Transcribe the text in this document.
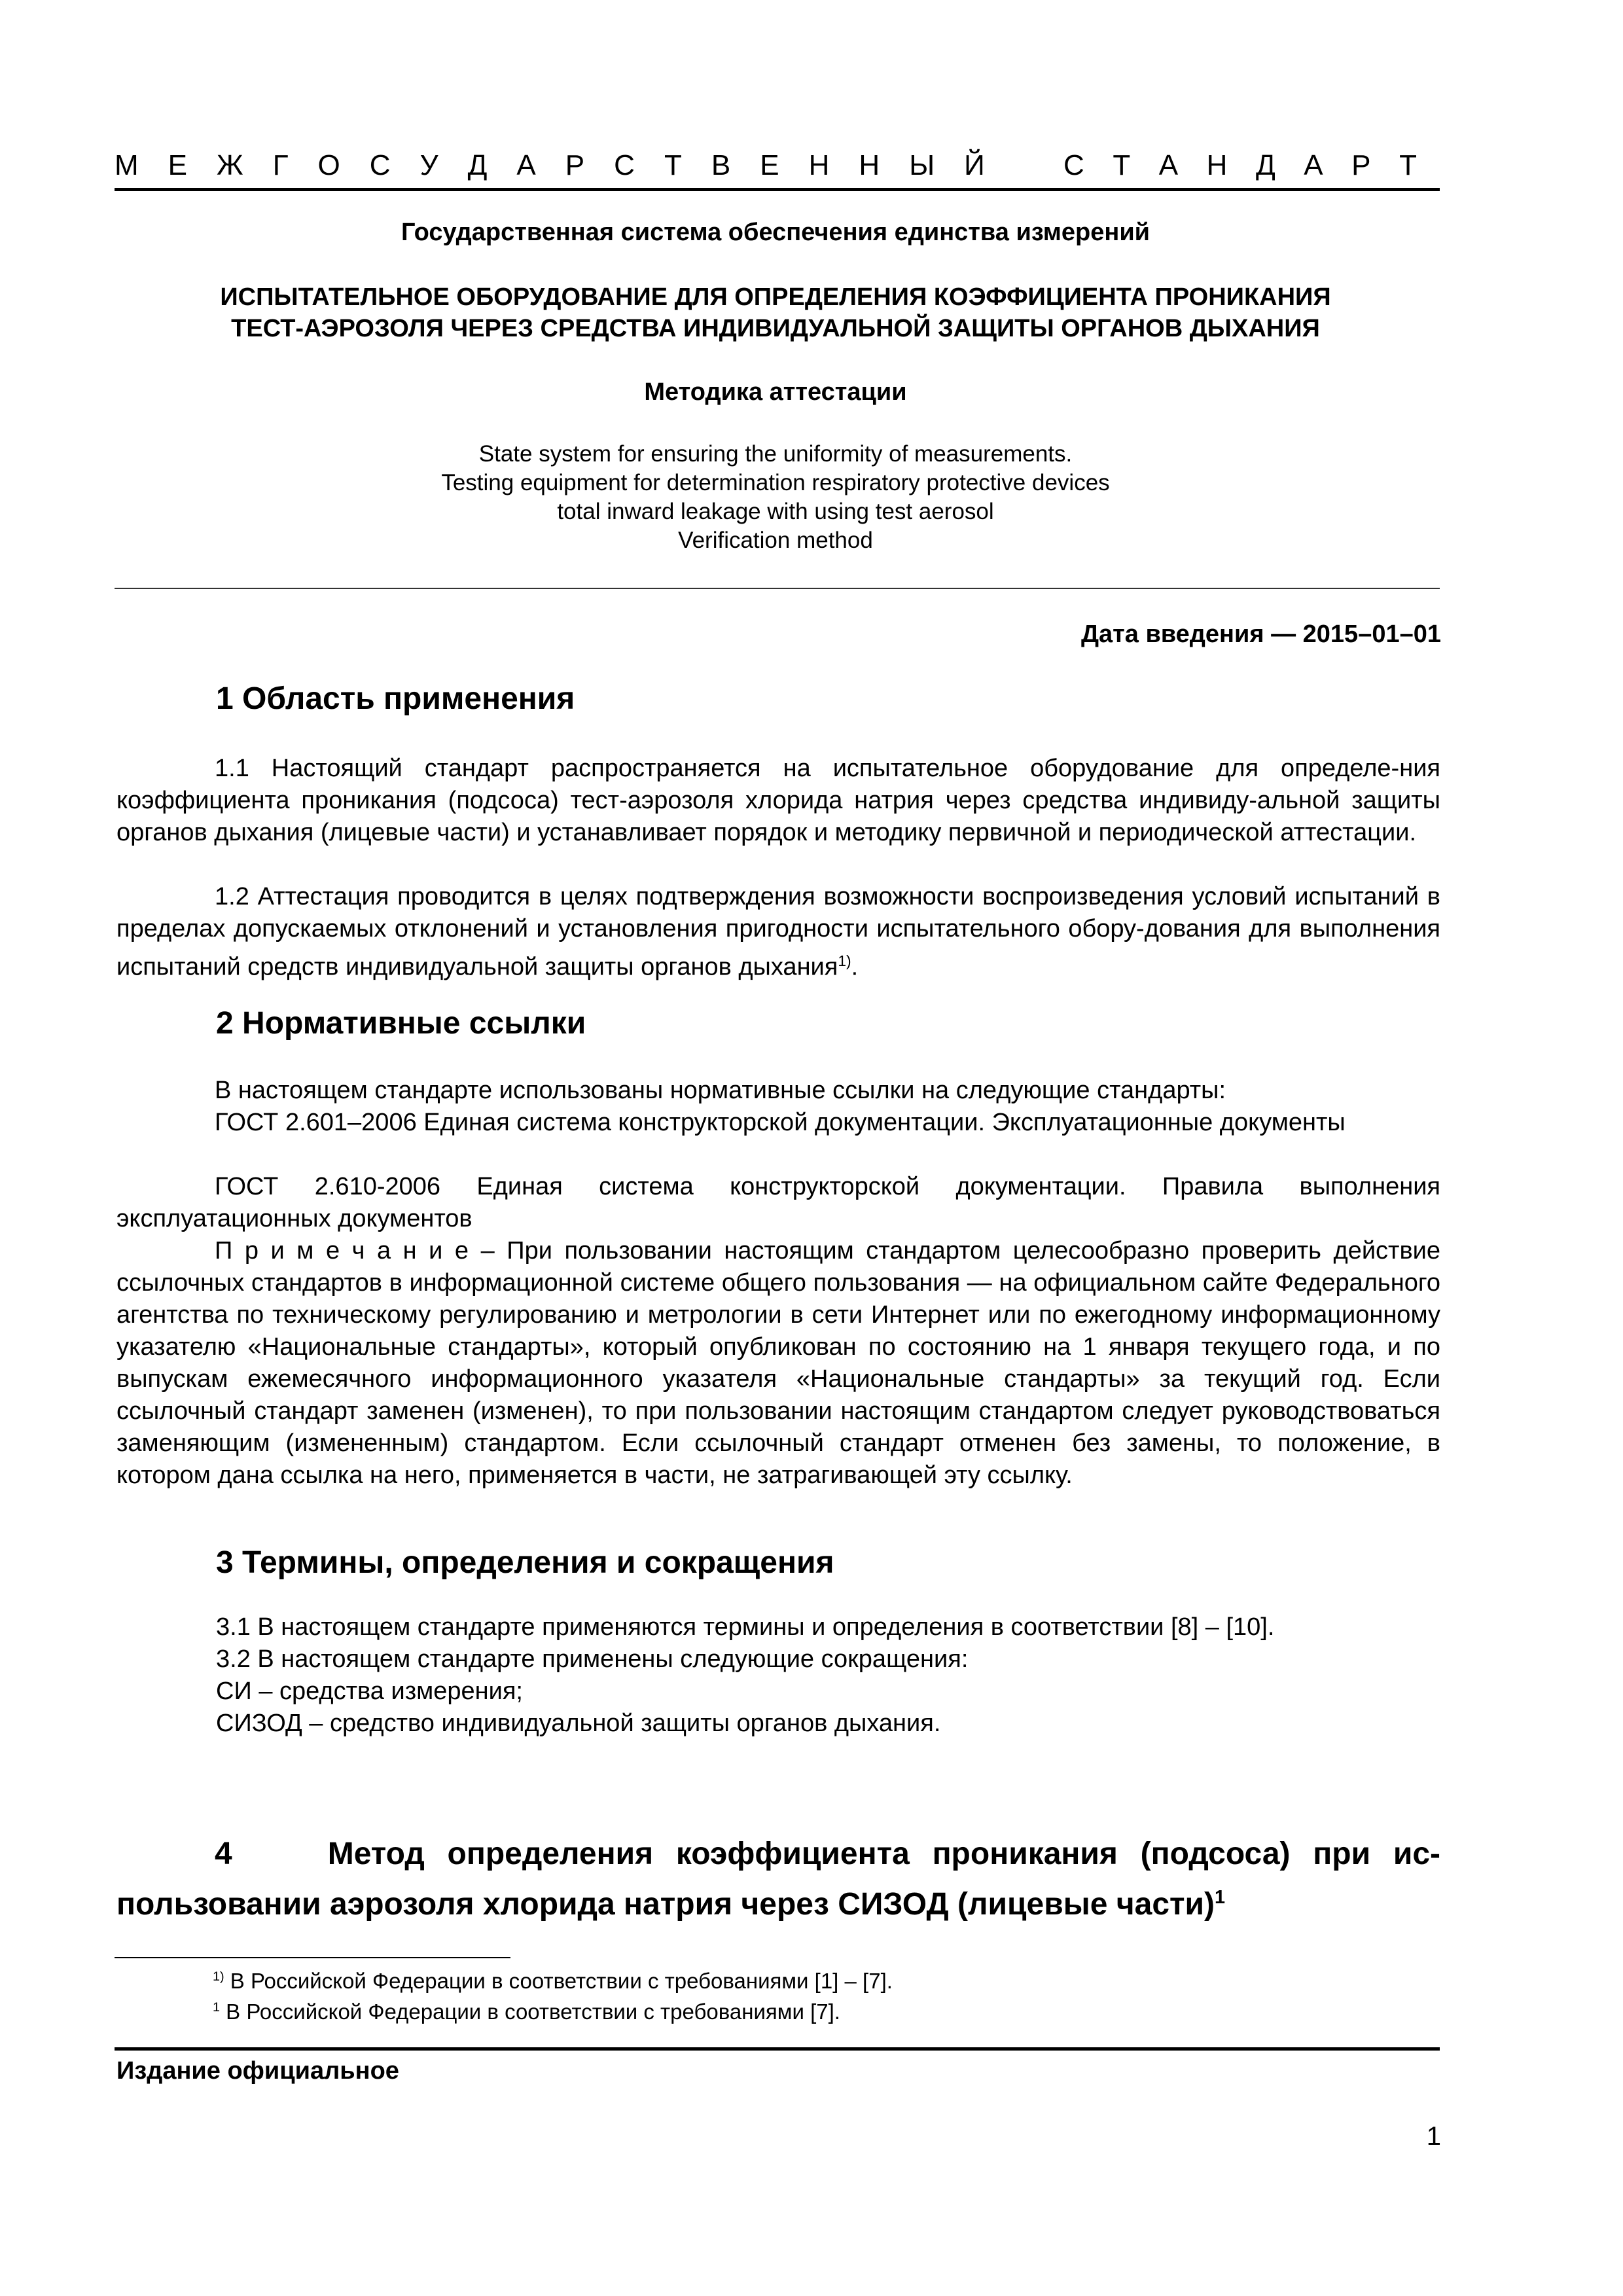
М Е Ж Г О С У Д А Р С Т В Е Н Н Ы Й	С Т А Н Д А Р Т
Государственная система обеспечения единства измерений
ИСПЫТАТЕЛЬНОЕ ОБОРУДОВАНИЕ ДЛЯ ОПРЕДЕЛЕНИЯ КОЭФФИЦИЕНТА ПРОНИКАНИЯ
ТЕСТ-АЭРОЗОЛЯ ЧЕРЕЗ СРЕДСТВА ИНДИВИДУАЛЬНОЙ ЗАЩИТЫ ОРГАНОВ ДЫХАНИЯ
Методика аттестации
State system for ensuring the uniformity of measurements.
Testing equipment for determination respiratory protective devices
total inward leakage with using test aerosol
Verification method
Дата введения — 2015–01–01
1 Область применения
1.1 Настоящий стандарт распространяется на испытательное оборудование для определе-ния коэффициента проникания (подсоса) тест-аэрозоля хлорида натрия через средства индивиду-альной защиты органов дыхания (лицевые части) и устанавливает порядок и методику первичной и периодической аттестации.
1.2 Аттестация проводится в целях подтверждения возможности воспроизведения условий испытаний в пределах допускаемых отклонений и установления пригодности испытательного обору-дования для выполнения испытаний средств индивидуальной защиты органов дыхания$^{1)}$.
2 Нормативные ссылки
В настоящем стандарте использованы нормативные ссылки на следующие стандарты:
ГОСТ 2.601–2006 Единая система конструкторской документации. Эксплуатационные документы
ГОСТ 2.610-2006 Единая система конструкторской документации. Правила выполнения эксплуатационных документов
П р и м е ч а н и е – При пользовании настоящим стандартом целесообразно проверить действие ссылочных стандартов в информационной системе общего пользования — на официальном сайте Федерального агентства по техническому регулированию и метрологии в сети Интернет или по ежегодному информационному указателю «Национальные стандарты», который опубликован по состоянию на 1 января текущего года, и по выпускам ежемесячного информационного указателя «Национальные стандарты» за текущий год. Если ссылочный стандарт заменен (изменен), то при пользовании настоящим стандартом следует руководствоваться заменяющим (измененным) стандартом. Если ссылочный стандарт отменен без замены, то положение, в котором дана ссылка на него, применяется в части, не затрагивающей эту ссылку.
3 Термины, определения и сокращения
3.1 В настоящем стандарте применяются термины и определения в соответствии [8] – [10].
3.2 В настоящем стандарте применены следующие сокращения:
СИ – средства измерения;
СИЗОД – средство индивидуальной защиты органов дыхания.
4	Метод определения коэффициента проникания (подсоса) при ис-пользовании аэрозоля хлорида натрия через СИЗОД (лицевые части)$^1$
$^{1)}$ В Российской Федерации в соответствии с требованиями [1] – [7].
$^1$ В Российской Федерации в соответствии с требованиями [7].
Издание официальное
1
